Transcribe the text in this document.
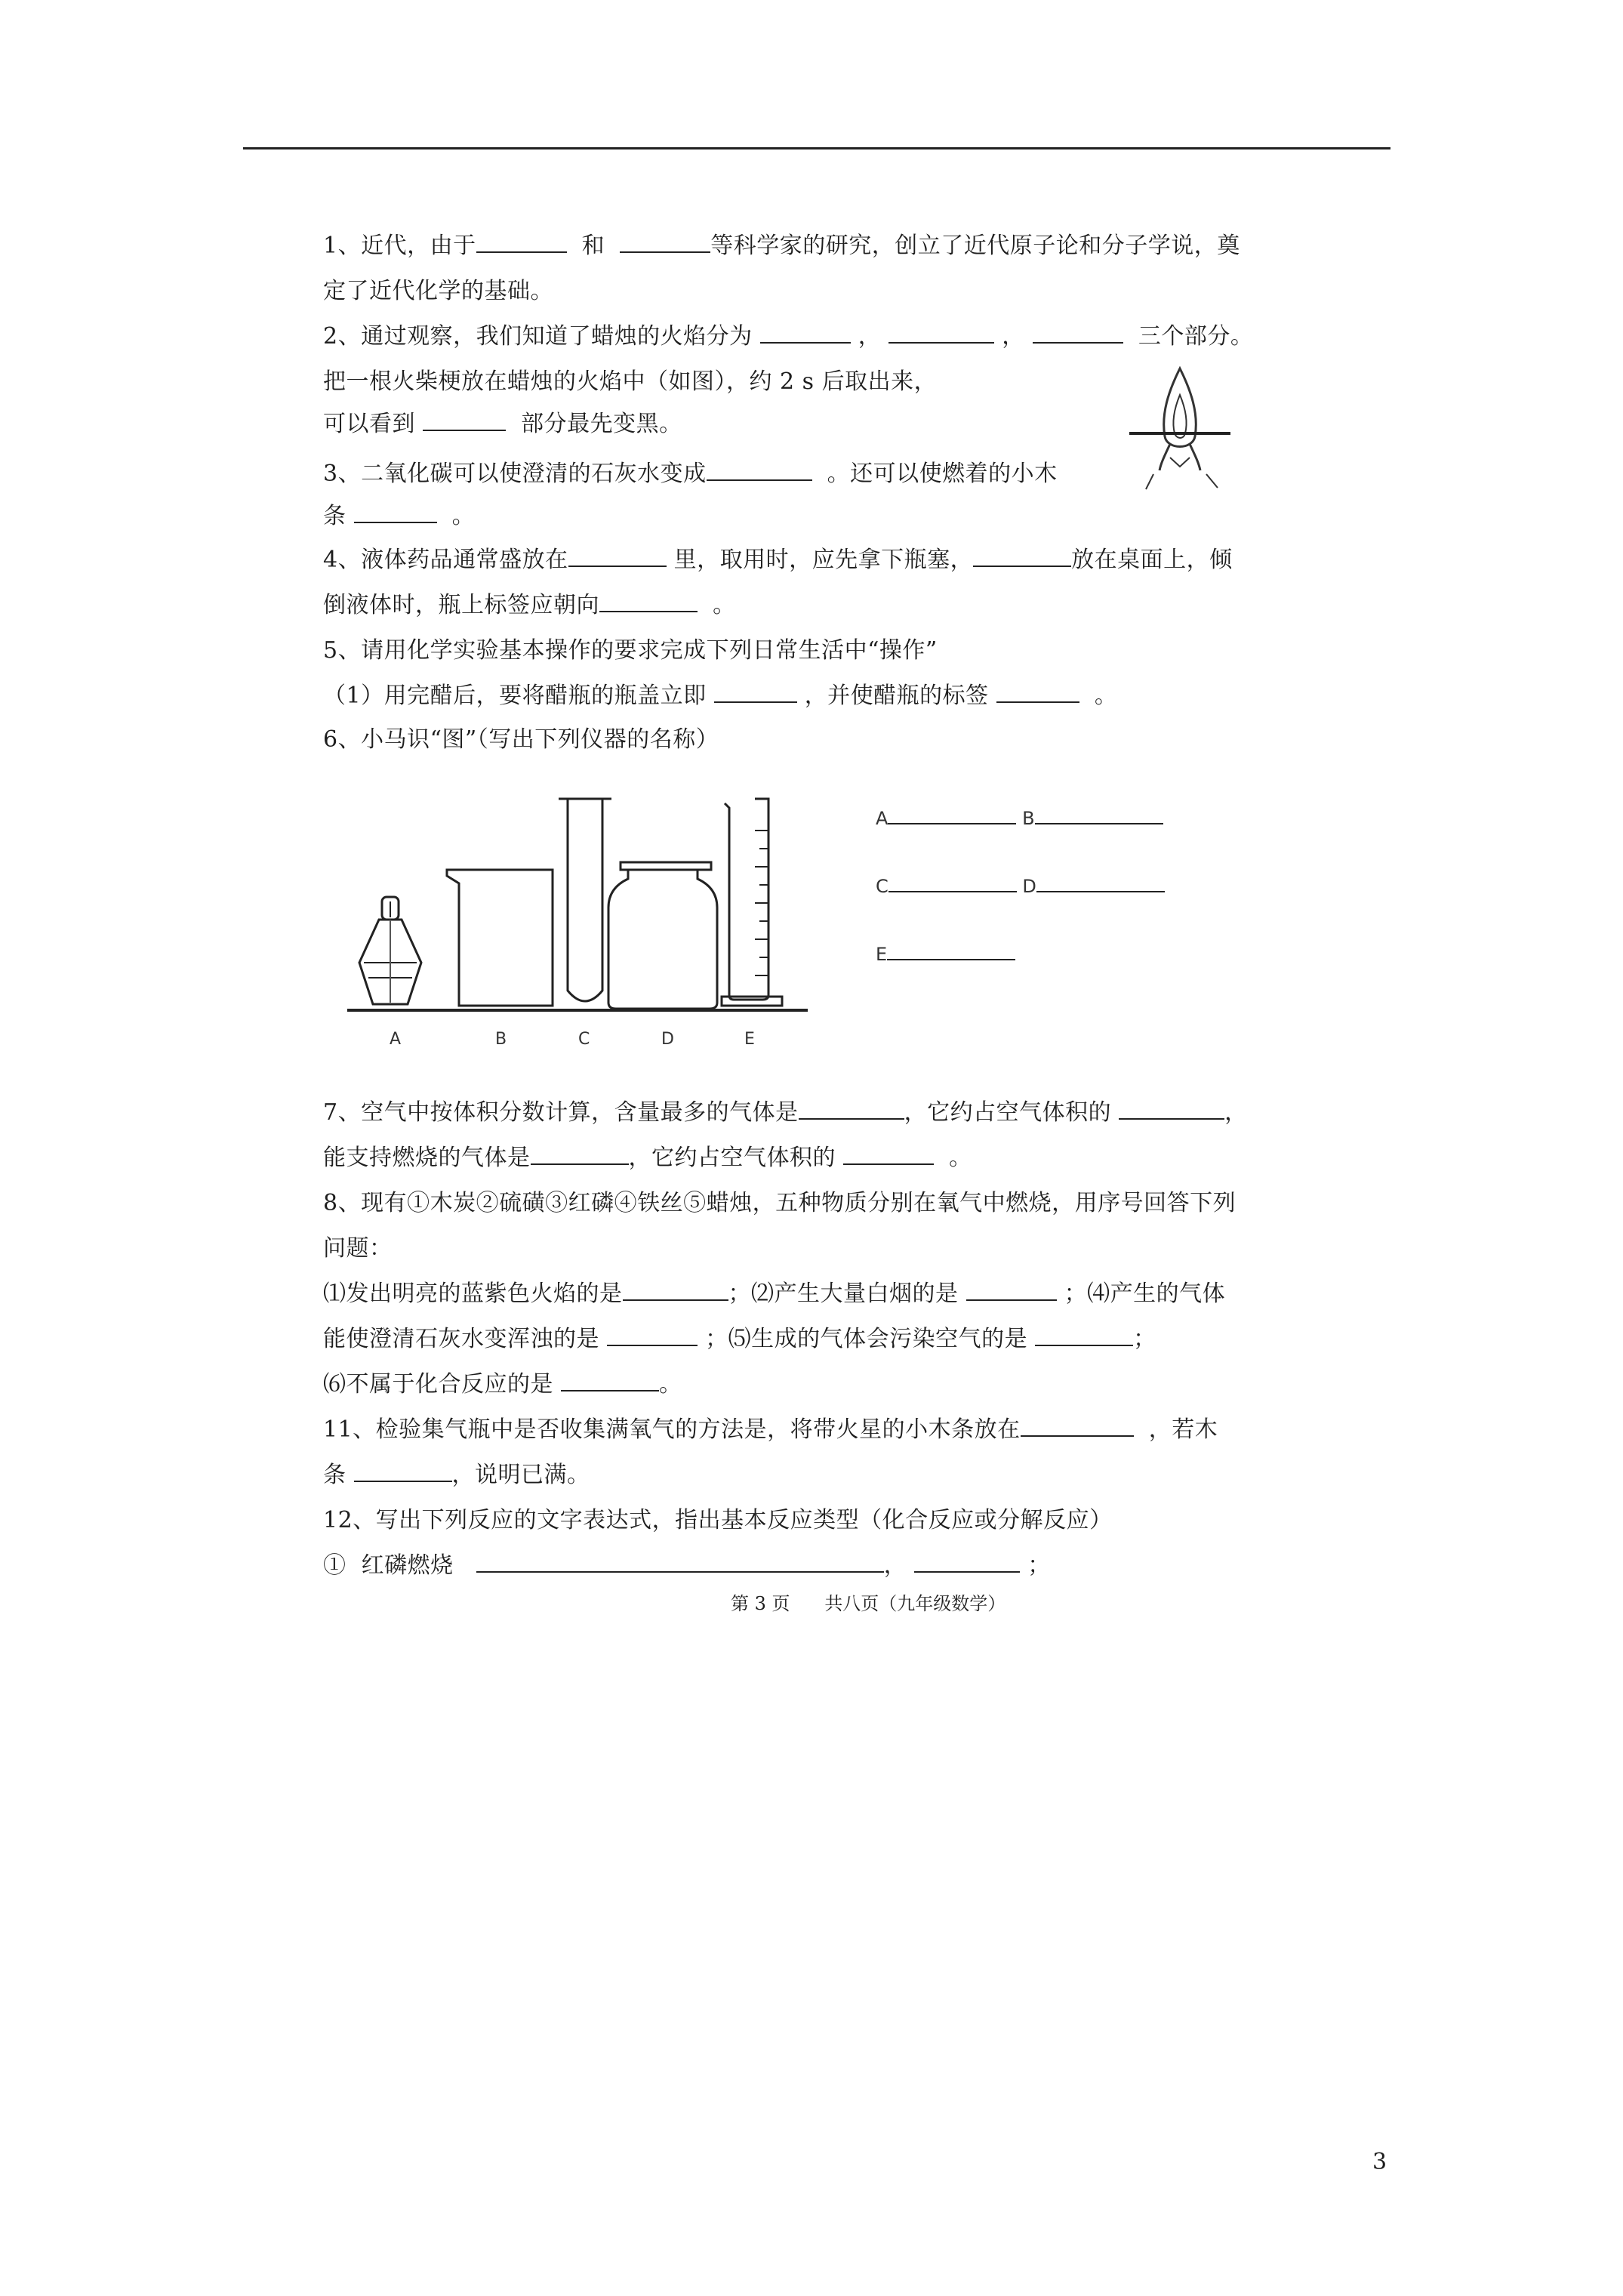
1、近代，由于	和	等科学家的研究，创立了近代原子论和分子学说，奠
定了近代化学的基础。
2、通过观察，我们知道了蜡烛的火焰分为	，	，	三个部分。
把一根火柴梗放在蜡烛的火焰中（如图），约 2 s 后取出来，
可以看到	部分最先变黑。
3、二氧化碳可以使澄清的石灰水变成	。还可以使燃着的小木
条	。
4、液体药品通常盛放在	里，取用时，应先拿下瓶塞，	放在桌面上，倾
倒液体时，瓶上标签应朝向	。
5、请用化学实验基本操作的要求完成下列日常生活中“操作”
（1）用完醋后，要将醋瓶的瓶盖立即	，并使醋瓶的标签	。
6、小马识“图”（写出下列仪器的名称）
A	B	C	D	E
A	B
C	D
E
7、空气中按体积分数计算，含量最多的气体是	，它约占空气体积的	，
能支持燃烧的气体是	，它约占空气体积的	。
8、现有①木炭②硫磺③红磷④铁丝⑤蜡烛，五种物质分别在氧气中燃烧，用序号回答下列
问题：
⑴发出明亮的蓝紫色火焰的是	；⑵产生大量白烟的是	；⑷产生的气体
能使澄清石灰水变浑浊的是	；⑸生成的气体会污染空气的是	；
⑹不属于化合反应的是	。
11、检验集气瓶中是否收集满氧气的方法是，将带火星的小木条放在	，若木
条	，说明已满。
12、写出下列反应的文字表达式，指出基本反应类型（化合反应或分解反应）
①  红磷燃烧	，	；
第 3 页 共八页（九年级数学）
3
